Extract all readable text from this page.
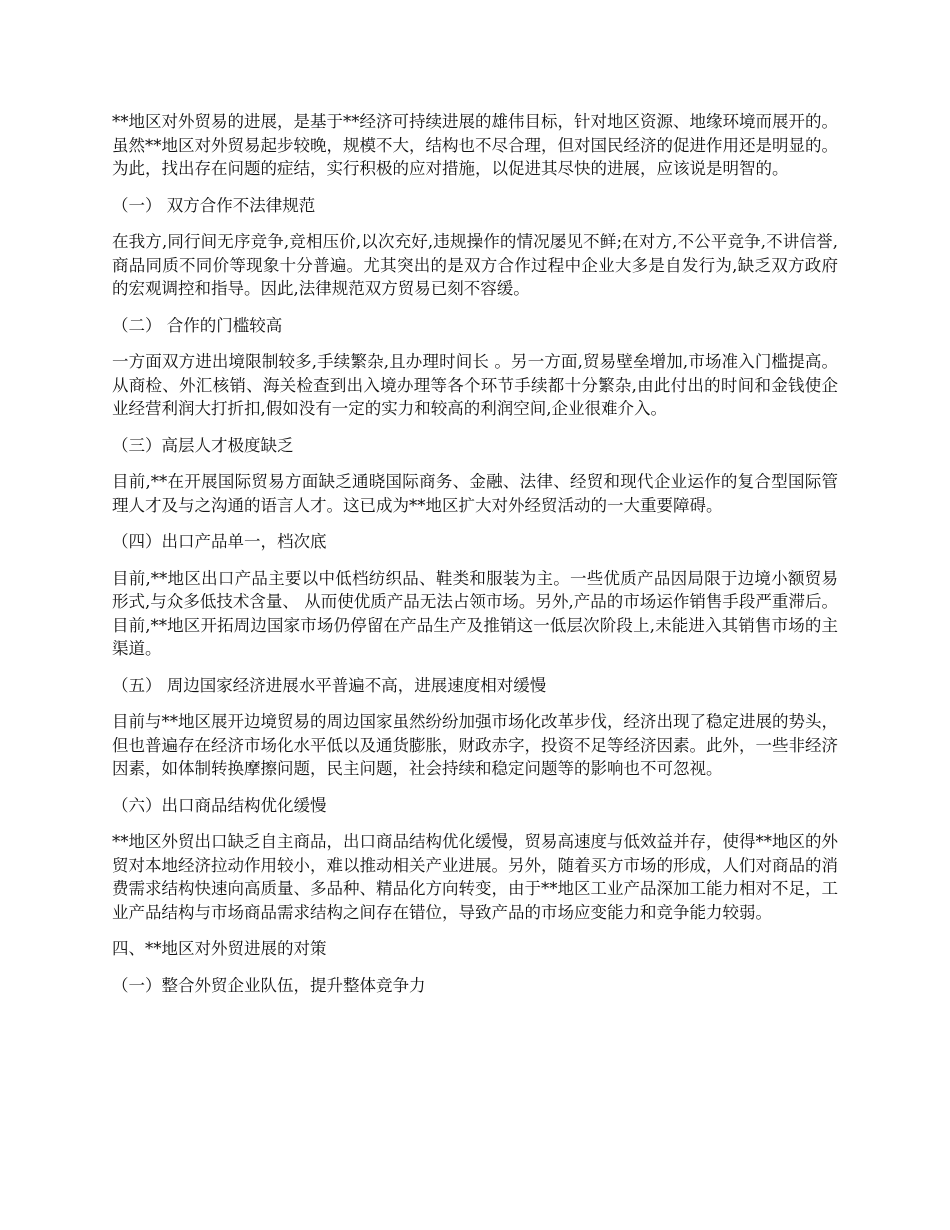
**地区对外贸易的进展，是基于**经济可持续进展的雄伟目标，针对地区资源、地缘环境而展开的。虽然**地区对外贸易起步较晚，规模不大，结构也不尽合理，但对国民经济的促进作用还是明显的。为此，找出存在问题的症结，实行积极的应对措施，以促进其尽快的进展，应该说是明智的。

（一） 双方合作不法律规范

在我方,同行间无序竞争,竞相压价,以次充好,违规操作的情况屡见不鲜;在对方,不公平竞争,不讲信誉,商品同质不同价等现象十分普遍。尤其突出的是双方合作过程中企业大多是自发行为,缺乏双方政府的宏观调控和指导。因此,法律规范双方贸易已刻不容缓。

（二） 合作的门槛较高

一方面双方进出境限制较多,手续繁杂,且办理时间长 。另一方面,贸易壁垒增加,市场准入门槛提高。从商检、外汇核销、海关检查到出入境办理等各个环节手续都十分繁杂,由此付出的时间和金钱使企业经营利润大打折扣,假如没有一定的实力和较高的利润空间,企业很难介入。

（三）高层人才极度缺乏

目前,**在开展国际贸易方面缺乏通晓国际商务、金融、法律、经贸和现代企业运作的复合型国际管理人才及与之沟通的语言人才。这已成为**地区扩大对外经贸活动的一大重要障碍。

（四）出口产品单一，档次底

目前,**地区出口产品主要以中低档纺织品、鞋类和服装为主。一些优质产品因局限于边境小额贸易形式,与众多低技术含量、 从而使优质产品无法占领市场。另外,产品的市场运作销售手段严重滞后。目前,**地区开拓周边国家市场仍停留在产品生产及推销这一低层次阶段上,未能进入其销售市场的主渠道。

（五） 周边国家经济进展水平普遍不高，进展速度相对缓慢

目前与**地区展开边境贸易的周边国家虽然纷纷加强市场化改革步伐，经济出现了稳定进展的势头，但也普遍存在经济市场化水平低以及通货膨胀，财政赤字，投资不足等经济因素。此外，一些非经济因素，如体制转换摩擦问题，民主问题，社会持续和稳定问题等的影响也不可忽视。

（六）出口商品结构优化缓慢

**地区外贸出口缺乏自主商品，出口商品结构优化缓慢，贸易高速度与低效益并存，使得**地区的外贸对本地经济拉动作用较小，难以推动相关产业进展。另外，随着买方市场的形成，人们对商品的消费需求结构快速向高质量、多品种、精品化方向转变，由于**地区工业产品深加工能力相对不足，工业产品结构与市场商品需求结构之间存在错位，导致产品的市场应变能力和竞争能力较弱。

四、**地区对外贸进展的对策

（一）整合外贸企业队伍，提升整体竞争力
